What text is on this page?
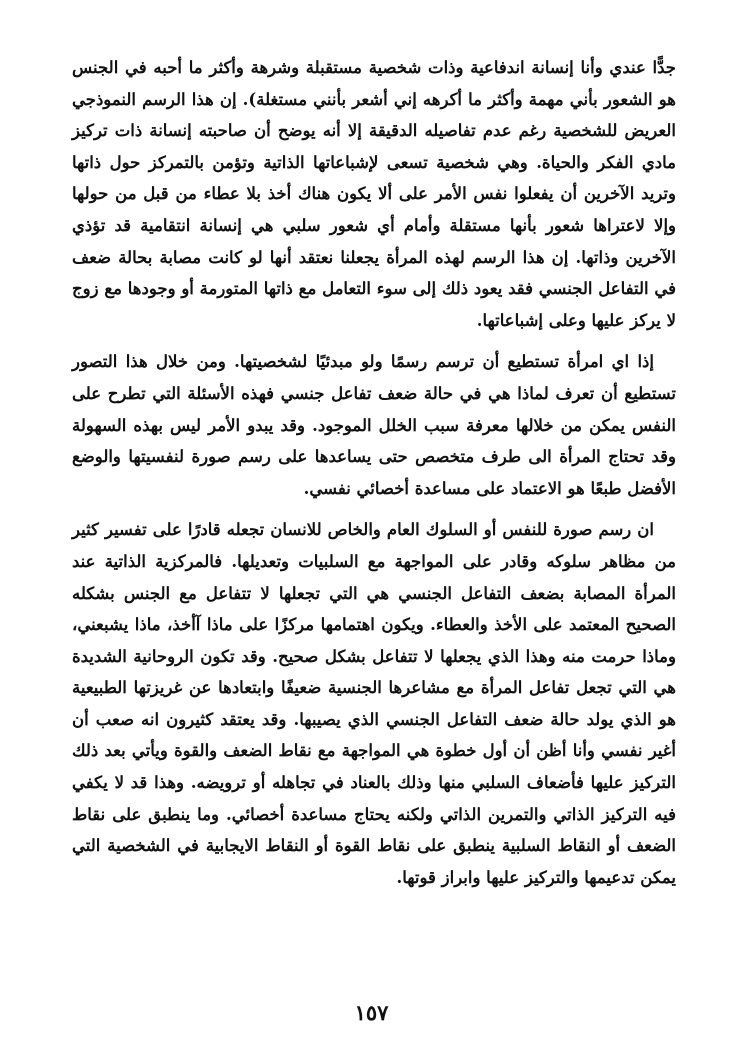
جدًّا عندي وأنا إنسانة اندفاعية وذات شخصية مستقبلة وشرهة وأكثر ما أحبه في الجنس هو الشعور بأني مهمة وأكثر ما أكرهه إني أشعر بأنني مستغلة). إن هذا الرسم النموذجي العريض للشخصية رغم عدم تفاصيله الدقيقة إلا أنه يوضح أن صاحبته إنسانة ذات تركيز مادي الفكر والحياة. وهي شخصية تسعى لإشباعاتها الذاتية وتؤمن بالتمركز حول ذاتها وتريد الآخرين أن يفعلوا نفس الأمر على ألا يكون هناك أخذ بلا عطاء من قبل من حولها وإلا لاعتراها شعور بأنها مستقلة وأمام أي شعور سلبي هي إنسانة انتقامية قد تؤذي الآخرين وذاتها. إن هذا الرسم لهذه المرأة يجعلنا نعتقد أنها لو كانت مصابة بحالة ضعف في التفاعل الجنسي فقد يعود ذلك إلى سوء التعامل مع ذاتها المتورمة أو وجودها مع زوج لا يركز عليها وعلى إشباعاتها.

إذا اي امرأة تستطيع أن ترسم رسمًا ولو مبدئيًا لشخصيتها. ومن خلال هذا التصور تستطيع أن تعرف لماذا هي في حالة ضعف تفاعل جنسي فهذه الأسئلة التي تطرح على النفس يمكن من خلالها معرفة سبب الخلل الموجود. وقد يبدو الأمر ليس بهذه السهولة وقد تحتاج المرأة الى طرف متخصص حتى يساعدها على رسم صورة لنفسيتها والوضع الأفضل طبعًا هو الاعتماد على مساعدة أخصائي نفسي.

ان رسم صورة للنفس أو السلوك العام والخاص للانسان تجعله قادرًا على تفسير كثير من مظاهر سلوكه وقادر على المواجهة مع السلبيات وتعديلها. فالمركزية الذاتية عند المرأة المصابة بضعف التفاعل الجنسي هي التي تجعلها لا تتفاعل مع الجنس بشكله الصحيح المعتمد على الأخذ والعطاء. ويكون اهتمامها مركزًا على ماذا آأخذ، ماذا يشبعني، وماذا حرمت منه وهذا الذي يجعلها لا تتفاعل بشكل صحيح. وقد تكون الروحانية الشديدة هي التي تجعل تفاعل المرأة مع مشاعرها الجنسية ضعيفًا وابتعادها عن غريزتها الطبيعية هو الذي يولد حالة ضعف التفاعل الجنسي الذي يصيبها. وقد يعتقد كثيرون انه صعب أن أغير نفسي وأنا أظن أن أول خطوة هي المواجهة مع نقاط الضعف والقوة ويأتي بعد ذلك التركيز عليها فأضعاف السلبي منها وذلك بالعناد في تجاهله أو ترويضه. وهذا قد لا يكفي فيه التركيز الذاتي والتمرين الذاتي ولكنه يحتاج مساعدة أخصائي. وما ينطبق على نقاط الضعف أو النقاط السلبية ينطبق على نقاط القوة أو النقاط الايجابية في الشخصية التي يمكن تدعيمها والتركيز عليها وابراز قوتها.

١٥٧
